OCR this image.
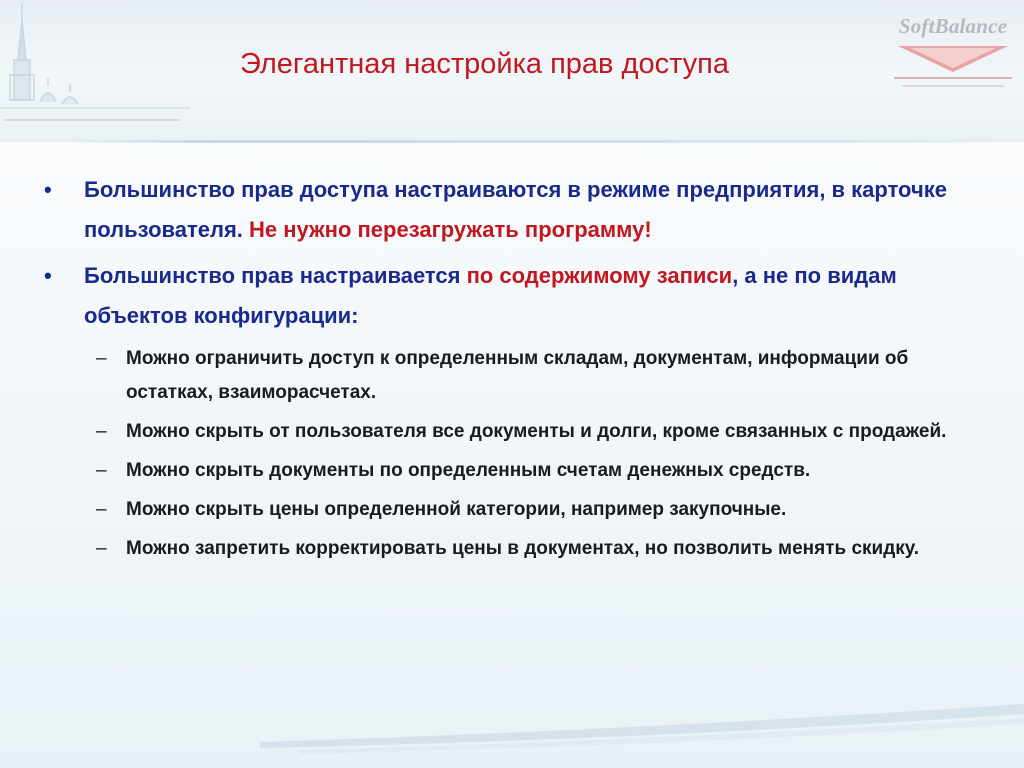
Элегантная настройка прав доступа
SoftBalance
• Большинство прав доступа настраиваются в режиме предприятия, в карточке пользователя. Не нужно перезагружать программу!
• Большинство прав настраивается по содержимому записи, а не по видам объектов конфигурации:
– Можно ограничить доступ к определенным складам, документам, информации об остатках, взаиморасчетах.
– Можно скрыть от пользователя все документы и долги, кроме связанных с продажей.
– Можно скрыть документы по определенным счетам денежных средств.
– Можно скрыть цены определенной категории, например закупочные.
– Можно запретить корректировать цены в документах, но позволить менять скидку.
